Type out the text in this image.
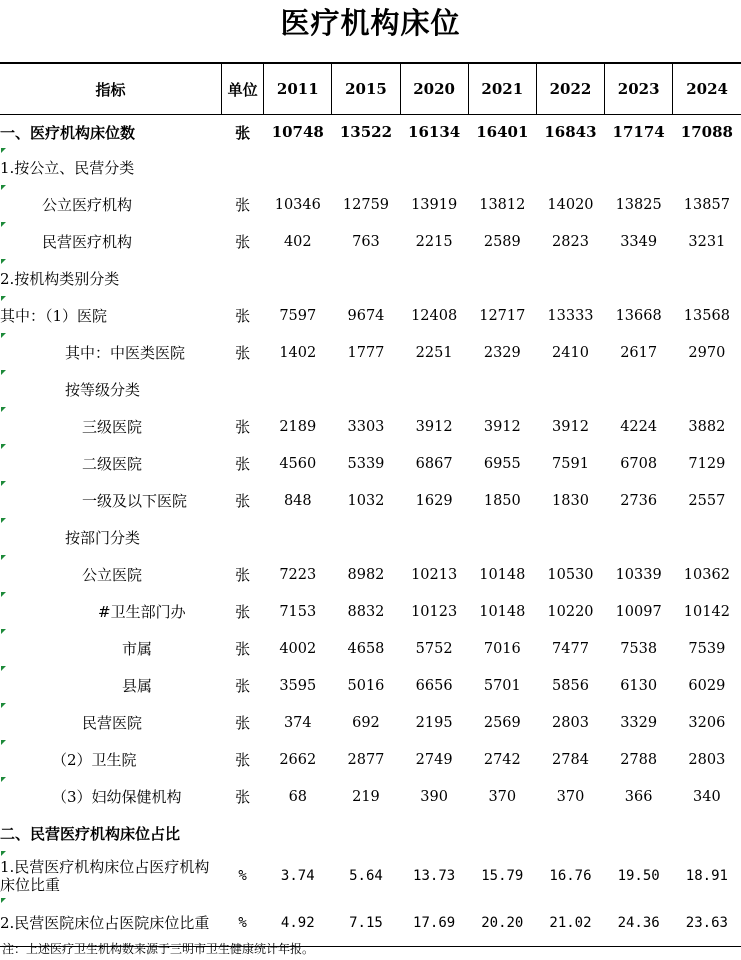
医疗机构床位
指标	单位	2011	2015	2020	2021	2022	2023	2024
一、医疗机构床位数	张	10748	13522	16134	16401	16843	17174	17088

1.按公立、民营分类								

公立医疗机构	张	10346	12759	13919	13812	14020	13825	13857

民营医疗机构	张	402	763	2215	2589	2823	3349	3231

2.按机构类别分类								

其中：（1）医院	张	7597	9674	12408	12717	13333	13668	13568

其中：中医类医院	张	1402	1777	2251	2329	2410	2617	2970

按等级分类								

三级医院	张	2189	3303	3912	3912	3912	4224	3882

二级医院	张	4560	5339	6867	6955	7591	6708	7129

一级及以下医院	张	848	1032	1629	1850	1830	2736	2557

按部门分类								

公立医院	张	7223	8982	10213	10148	10530	10339	10362

#卫生部门办	张	7153	8832	10123	10148	10220	10097	10142

市属	张	4002	4658	5752	7016	7477	7538	7539

县属	张	3595	5016	6656	5701	5856	6130	6029

民营医院	张	374	692	2195	2569	2803	3329	3206

（2）卫生院	张	2662	2877	2749	2742	2784	2788	2803

（3）妇幼保健机构	张	68	219	390	370	370	366	340
二、民营医疗机构床位占比								

1.民营医疗机构床位占医疗机构床位比重	%	3.74	5.64	13.73	15.79	16.76	19.50	18.91

2.民营医院床位占医院床位比重	%	4.92	7.15	17.69	20.20	21.02	24.36	23.63
注：上述医疗卫生机构数来源于三明市卫生健康统计年报。
